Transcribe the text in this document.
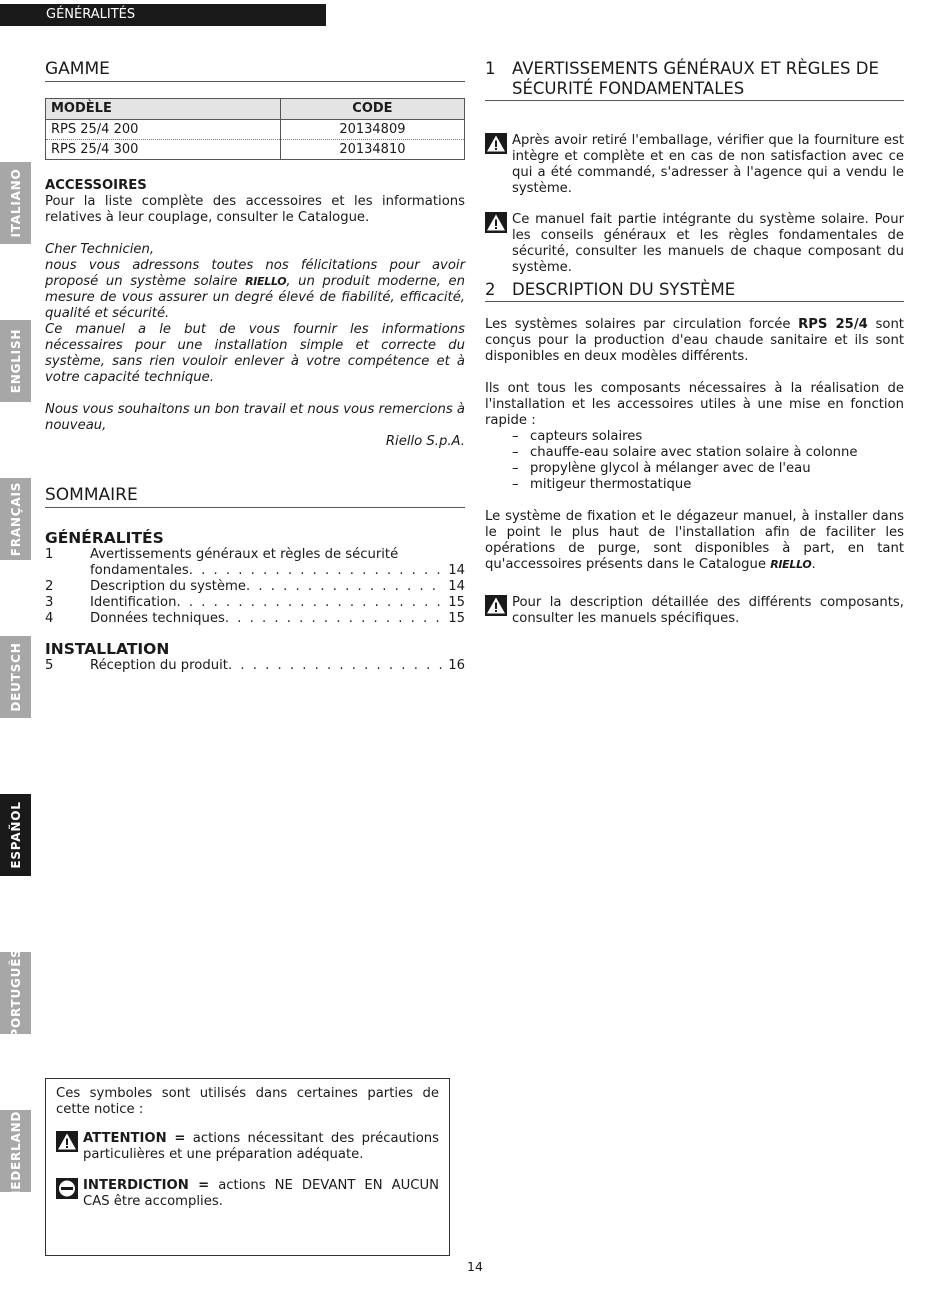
GÉNÉRALITÉS
ITALIANO
ENGLISH
FRANÇAIS
DEUTSCH
ESPAÑOL
PORTUGUÊS
NEDERLANDS
GAMME
MODÈLE	CODE
RPS 25/4 200	20134809
RPS 25/4 300	20134810
ACCESSOIRES

Pour la liste complète des accessoires et les informations relatives à leur couplage, consulter le Catalogue.

Cher Technicien,

nous vous adressons toutes nos félicitations pour avoir proposé un système solaire RIELLO, un produit moderne, en mesure de vous assurer un degré élevé de fiabilité, efficacité, qualité et sécurité.

Ce manuel a le but de vous fournir les informations nécessaires pour une installation simple et correcte du système, sans rien vouloir enlever à votre compétence et à votre capacité technique.

Nous vous souhaitons un bon travail et nous vous remercions à nouveau,

Riello S.p.A.

SOMMAIRE
GÉNÉRALITÉS
1	Avertissements généraux et règles de sécurité
fondamentales . . .	14
2	Description du système . . .	14
3	Identification . . .	15
4	Données techniques . . .	15
INSTALLATION
5	Réception du produit . . .	16

Ces symboles sont utilisés dans certaines parties de cette notice :

ATTENTION = actions nécessitant des précautions particulières et une préparation adéquate.

INTERDICTION = actions NE DEVANT EN AUCUN CAS être accomplies.

1 AVERTISSEMENTS GÉNÉRAUX ET RÈGLES DE SÉCURITÉ FONDAMENTALES

Après avoir retiré l'emballage, vérifier que la fourniture est intègre et complète et en cas de non satisfaction avec ce qui a été commandé, s'adresser à l'agence qui a vendu le système.

Ce manuel fait partie intégrante du système solaire. Pour les conseils généraux et les règles fondamentales de sécurité, consulter les manuels de chaque composant du système.

2 DESCRIPTION DU SYSTÈME

Les systèmes solaires par circulation forcée RPS 25/4 sont conçus pour la production d'eau chaude sanitaire et ils sont disponibles en deux modèles différents.

Ils ont tous les composants nécessaires à la réalisation de l'installation et les accessoires utiles à une mise en fonction rapide :

– capteurs solaires
– chauffe-eau solaire avec station solaire à colonne
– propylène glycol à mélanger avec de l'eau
– mitigeur thermostatique

Le système de fixation et le dégazeur manuel, à installer dans le point le plus haut de l'installation afin de faciliter les opérations de purge, sont disponibles à part, en tant qu'accessoires présents dans le Catalogue RIELLO.

Pour la description détaillée des différents composants, consulter les manuels spécifiques.

14
